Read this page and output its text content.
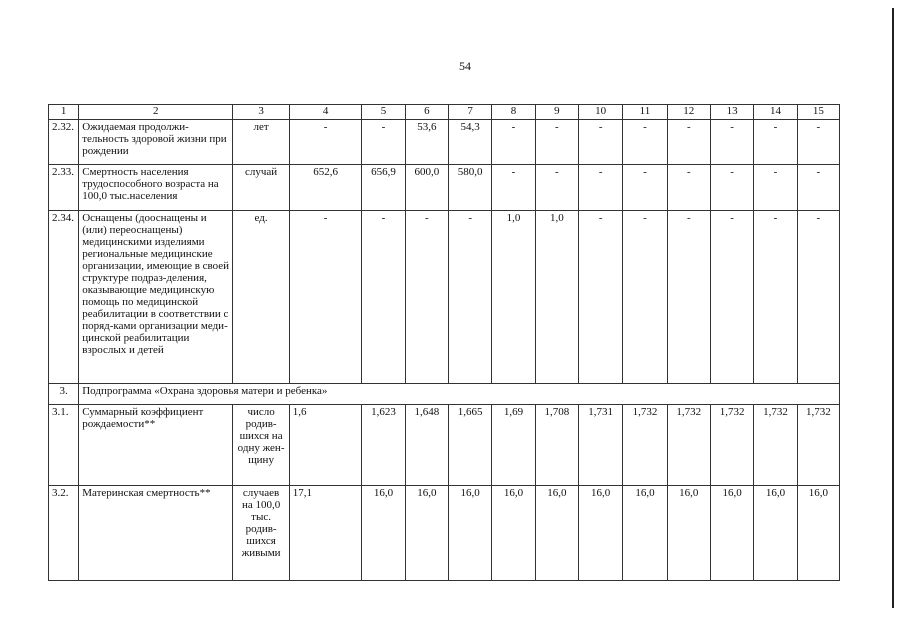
54
1	2	3	4	5	6	7	8	9	10	11	12	13	14	15
2.32.	Ожидаемая продолжи-тельность здоровой жизни при рождении	лет	-	-	53,6	54,3	-	-	-	-	-	-	-	-
2.33.	Смертность населения трудоспособного возраста на 100,0 тыс.населения	случай	652,6	656,9	600,0	580,0	-	-	-	-	-	-	-	-
2.34.	Оснащены (дооснащены и (или) переоснащены) медицинскими изделиями региональные медицинские организации, имеющие в своей структуре подраз-деления, оказывающие медицинскую помощь по медицинской реабилитации в соответствии с поряд-ками организации меди-цинской реабилитации взрослых и детей	ед.	-	-	-	-	1,0	1,0	-	-	-	-	-	-
3.	Подпрограмма «Охрана здоровья матери и ребенка»													
3.1.	Суммарный коэффициент рождаемости**	число родив-шихся на одну жен-щину	1,6	1,623	1,648	1,665	1,69	1,708	1,731	1,732	1,732	1,732	1,732	1,732
3.2.	Материнская смертность**	случаев на 100,0 тыс. родив-шихся живыми	17,1	16,0	16,0	16,0	16,0	16,0	16,0	16,0	16,0	16,0	16,0	16,0
